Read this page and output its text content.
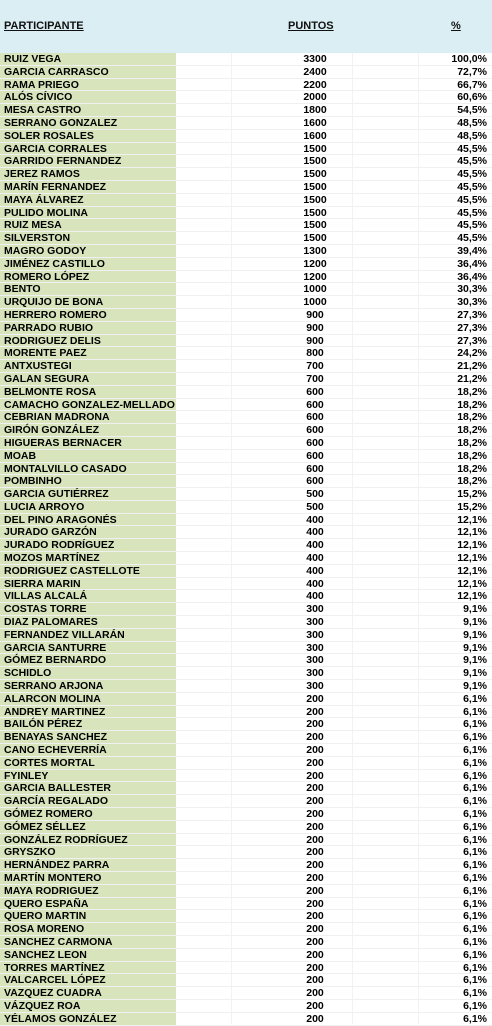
PARTICIPANTE	PUNTOS	%
RUIZ VEGA	3300	100,0%
GARCIA CARRASCO	2400	72,7%
RAMA PRIEGO	2200	66,7%
ALÓS CÍVICO	2000	60,6%
MESA CASTRO	1800	54,5%
SERRANO GONZALEZ	1600	48,5%
SOLER ROSALES	1600	48,5%
GARCIA CORRALES	1500	45,5%
GARRIDO FERNANDEZ	1500	45,5%
JEREZ RAMOS	1500	45,5%
MARÍN FERNANDEZ	1500	45,5%
MAYA ÁLVAREZ	1500	45,5%
PULIDO MOLINA	1500	45,5%
RUIZ MESA	1500	45,5%
SILVERSTON	1500	45,5%
MAGRO GODOY	1300	39,4%
JIMÉNEZ CASTILLO	1200	36,4%
ROMERO LÓPEZ	1200	36,4%
BENTO	1000	30,3%
URQUIJO DE BONA	1000	30,3%
HERRERO ROMERO	900	27,3%
PARRADO RUBIO	900	27,3%
RODRIGUEZ DELIS	900	27,3%
MORENTE PAEZ	800	24,2%
ANTXUSTEGI	700	21,2%
GALAN SEGURA	700	21,2%
BELMONTE ROSA	600	18,2%
CAMACHO GONZALEZ-MELLADO	600	18,2%
CEBRIAN MADRONA	600	18,2%
GIRÓN GONZÁLEZ	600	18,2%
HIGUERAS BERNACER	600	18,2%
MOAB	600	18,2%
MONTALVILLO CASADO	600	18,2%
POMBINHO	600	18,2%
GARCIA GUTIÉRREZ	500	15,2%
LUCIA ARROYO	500	15,2%
DEL PINO ARAGONÉS	400	12,1%
JURADO GARZÓN	400	12,1%
JURADO RODRÍGUEZ	400	12,1%
MOZOS MARTÍNEZ	400	12,1%
RODRIGUEZ CASTELLOTE	400	12,1%
SIERRA MARIN	400	12,1%
VILLAS ALCALÁ	400	12,1%
COSTAS TORRE	300	9,1%
DIAZ PALOMARES	300	9,1%
FERNANDEZ VILLARÁN	300	9,1%
GARCIA SANTURRE	300	9,1%
GÓMEZ BERNARDO	300	9,1%
SCHIDLO	300	9,1%
SERRANO ARJONA	300	9,1%
ALARCON MOLINA	200	6,1%
ANDREY MARTINEZ	200	6,1%
BAILÓN PÉREZ	200	6,1%
BENAYAS SANCHEZ	200	6,1%
CANO ECHEVERRÍA	200	6,1%
CORTES MORTAL	200	6,1%
FYINLEY	200	6,1%
GARCIA BALLESTER	200	6,1%
GARCÍA REGALADO	200	6,1%
GÓMEZ ROMERO	200	6,1%
GÓMEZ SÉLLEZ	200	6,1%
GONZÁLEZ RODRÍGUEZ	200	6,1%
GRYSZKO	200	6,1%
HERNÁNDEZ PARRA	200	6,1%
MARTÍN MONTERO	200	6,1%
MAYA RODRIGUEZ	200	6,1%
QUERO ESPAÑA	200	6,1%
QUERO MARTIN	200	6,1%
ROSA MORENO	200	6,1%
SANCHEZ CARMONA	200	6,1%
SANCHEZ LEON	200	6,1%
TORRES MARTÍNEZ	200	6,1%
VALCARCEL LÓPEZ	200	6,1%
VAZQUEZ CUADRA	200	6,1%
VÁZQUEZ ROA	200	6,1%
YÉLAMOS GONZÁLEZ	200	6,1%
